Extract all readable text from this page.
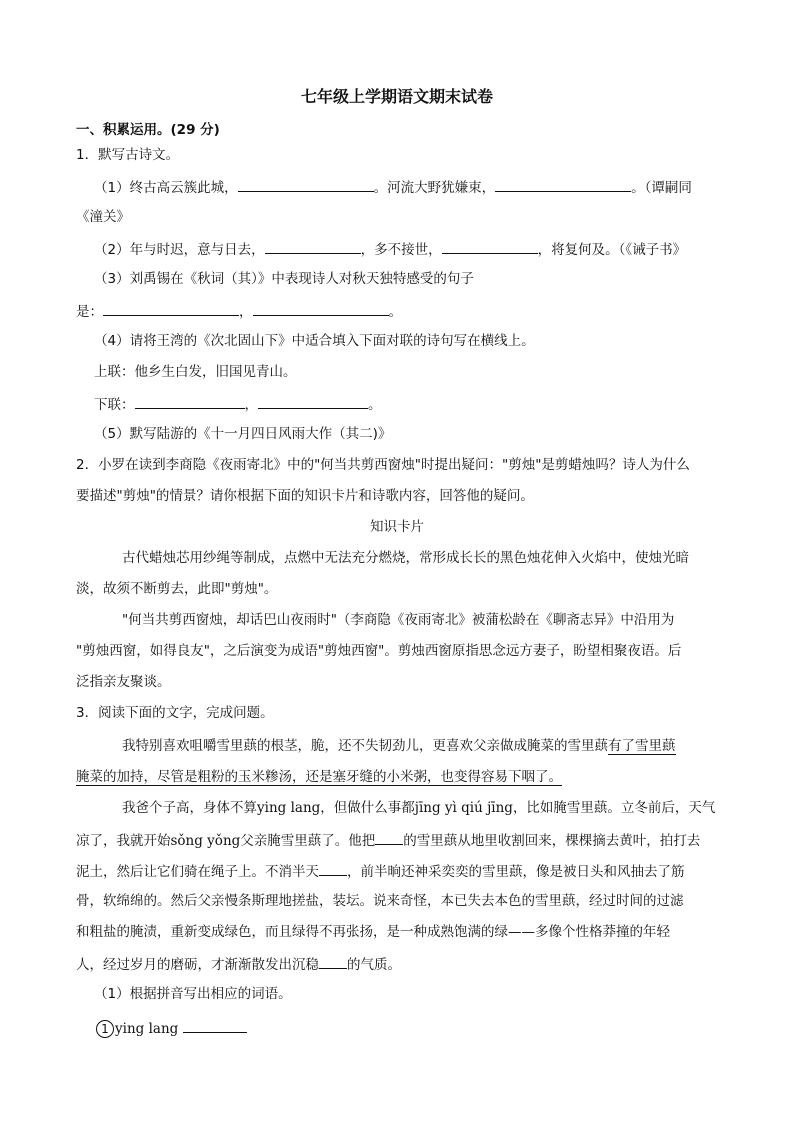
七年级上学期语文期末试卷
一、积累运用。(29 分)
1．默写古诗文。
（1）终古高云簇此城，	。河流大野犹嫌束，	。（谭嗣同
《潼关》
（2）年与时迟，意与日去，	，多不接世，	，将复何及。（《诫子书》
（3）刘禹锡在《秋词（其）》中表现诗人对秋天独特感受的句子
是：	，	。
（4）请将王湾的《次北固山下》中适合填入下面对联的诗句写在横线上。
上联：他乡生白发，旧国见青山。
下联：	，	。
（5）默写陆游的《十一月四日风雨大作（其二)》
2．小罗在读到李商隐《夜雨寄北》中的"何当共剪西窗烛"时提出疑问："剪烛"是剪蜡烛吗？诗人为什么
要描述"剪烛"的情景？请你根据下面的知识卡片和诗歌内容，回答他的疑问。
知识卡片
古代蜡烛芯用纱绳等制成，点燃中无法充分燃烧，常形成长长的黑色烛花伸入火焰中，使烛光暗
淡，故须不断剪去，此即"剪烛"。
"何当共剪西窗烛，却话巴山夜雨时"（李商隐《夜雨寄北》被蒲松龄在《聊斋志异》中沿用为
"剪烛西窗，如得良友"，之后演变为成语"剪烛西窗"。剪烛西窗原指思念远方妻子，盼望相聚夜语。后
泛指亲友聚谈。
3．阅读下面的文字，完成问题。
我特别喜欢咀嚼雪里蕻的根茎，脆，还不失韧劲儿，更喜欢父亲做成腌菜的雪里蕻有了雪里蕻
腌菜的加持，尽管是粗粉的玉米糁汤，还是塞牙缝的小米粥，也变得容易下咽了。
我爸个子高，身体不算ying lang，但做什么事都jīng yì qiú jīng，比如腌雪里蕻。立冬前后，天气
凉了，我就开始sǒng yǒng父亲腌雪里蕻了。他把 的雪里蕻从地里收割回来，棵棵摘去黄叶，拍打去
泥土，然后让它们骑在绳子上。不消半天 ，前半晌还神采奕奕的雪里蕻，像是被日头和风抽去了筋
骨，软绵绵的。然后父亲慢条斯理地搓盐，装坛。说来奇怪，本已失去本色的雪里蕻，经过时间的过滤
和粗盐的腌渍，重新变成绿色，而且绿得不再张扬，是一种成熟饱满的绿——多像个性格莽撞的年轻
人，经过岁月的磨砺，才渐渐散发出沉稳 的气质。
（1）根据拼音写出相应的词语。
1 ying lang
